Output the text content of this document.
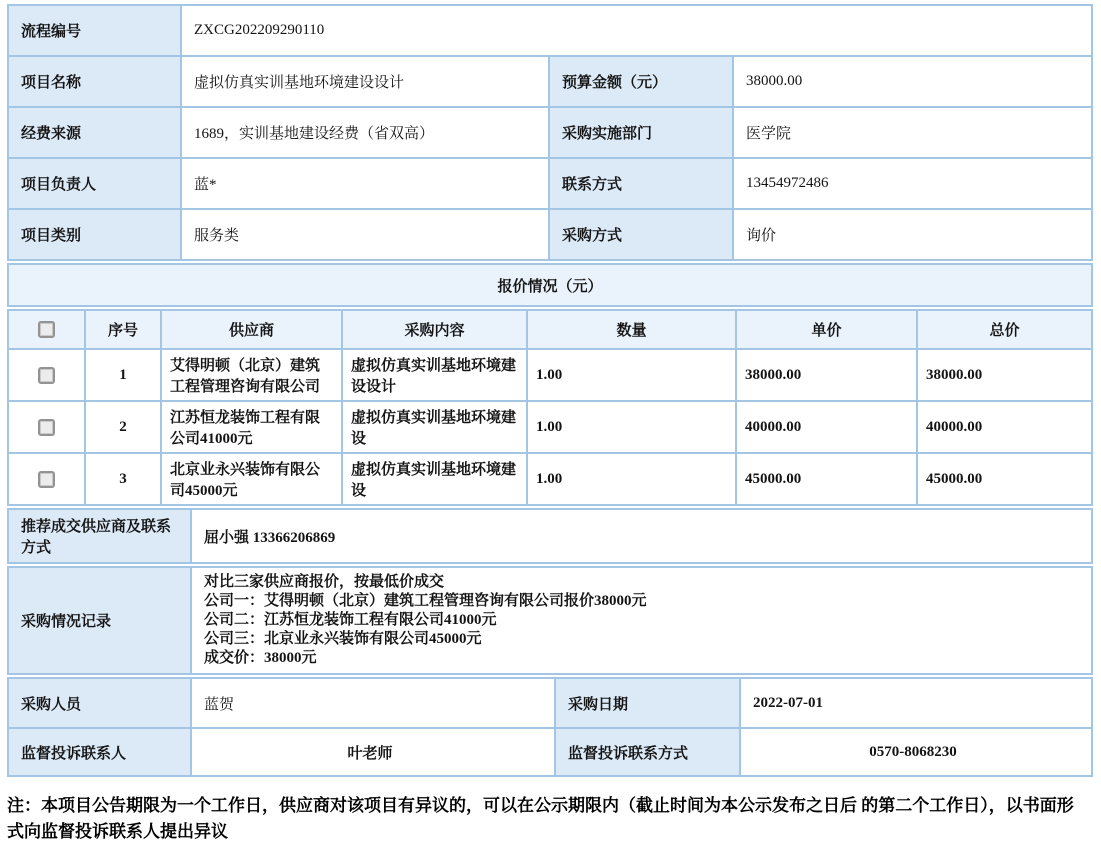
流程编号	ZXCG202209290110		
项目名称	虚拟仿真实训基地环境建设设计	预算金额（元）	38000.00
经费来源	1689，实训基地建设经费（省双高）	采购实施部门	医学院
项目负责人	蓝*	联系方式	13454972486
项目类别	服务类	采购方式	询价
报价情况（元）
	序号	供应商	采购内容	数量	单价	总价
	1	艾得明顿（北京）建筑工程管理咨询有限公司	虚拟仿真实训基地环境建设设计	1.00	38000.00	38000.00
	2	江苏恒龙装饰工程有限公司41000元	虚拟仿真实训基地环境建设	1.00	40000.00	40000.00
	3	北京业永兴装饰有限公司45000元	虚拟仿真实训基地环境建设	1.00	45000.00	45000.00
推荐成交供应商及联系方式	屈小强 13366206869
采购情况记录	
对比三家供应商报价，按最低价成交
公司一：艾得明顿（北京）建筑工程管理咨询有限公司报价38000元
公司二：江苏恒龙装饰工程有限公司41000元
公司三：北京业永兴装饰有限公司45000元
成交价：38000元
采购人员	蓝贺	采购日期	2022-07-01
监督投诉联系人	叶老师	监督投诉联系方式	0570-8068230
注：本项目公告期限为一个工作日，供应商对该项目有异议的，可以在公示期限内（截止时间为本公示发布之日后 的第二个工作日），以书面形式向监督投诉联系人提出异议
